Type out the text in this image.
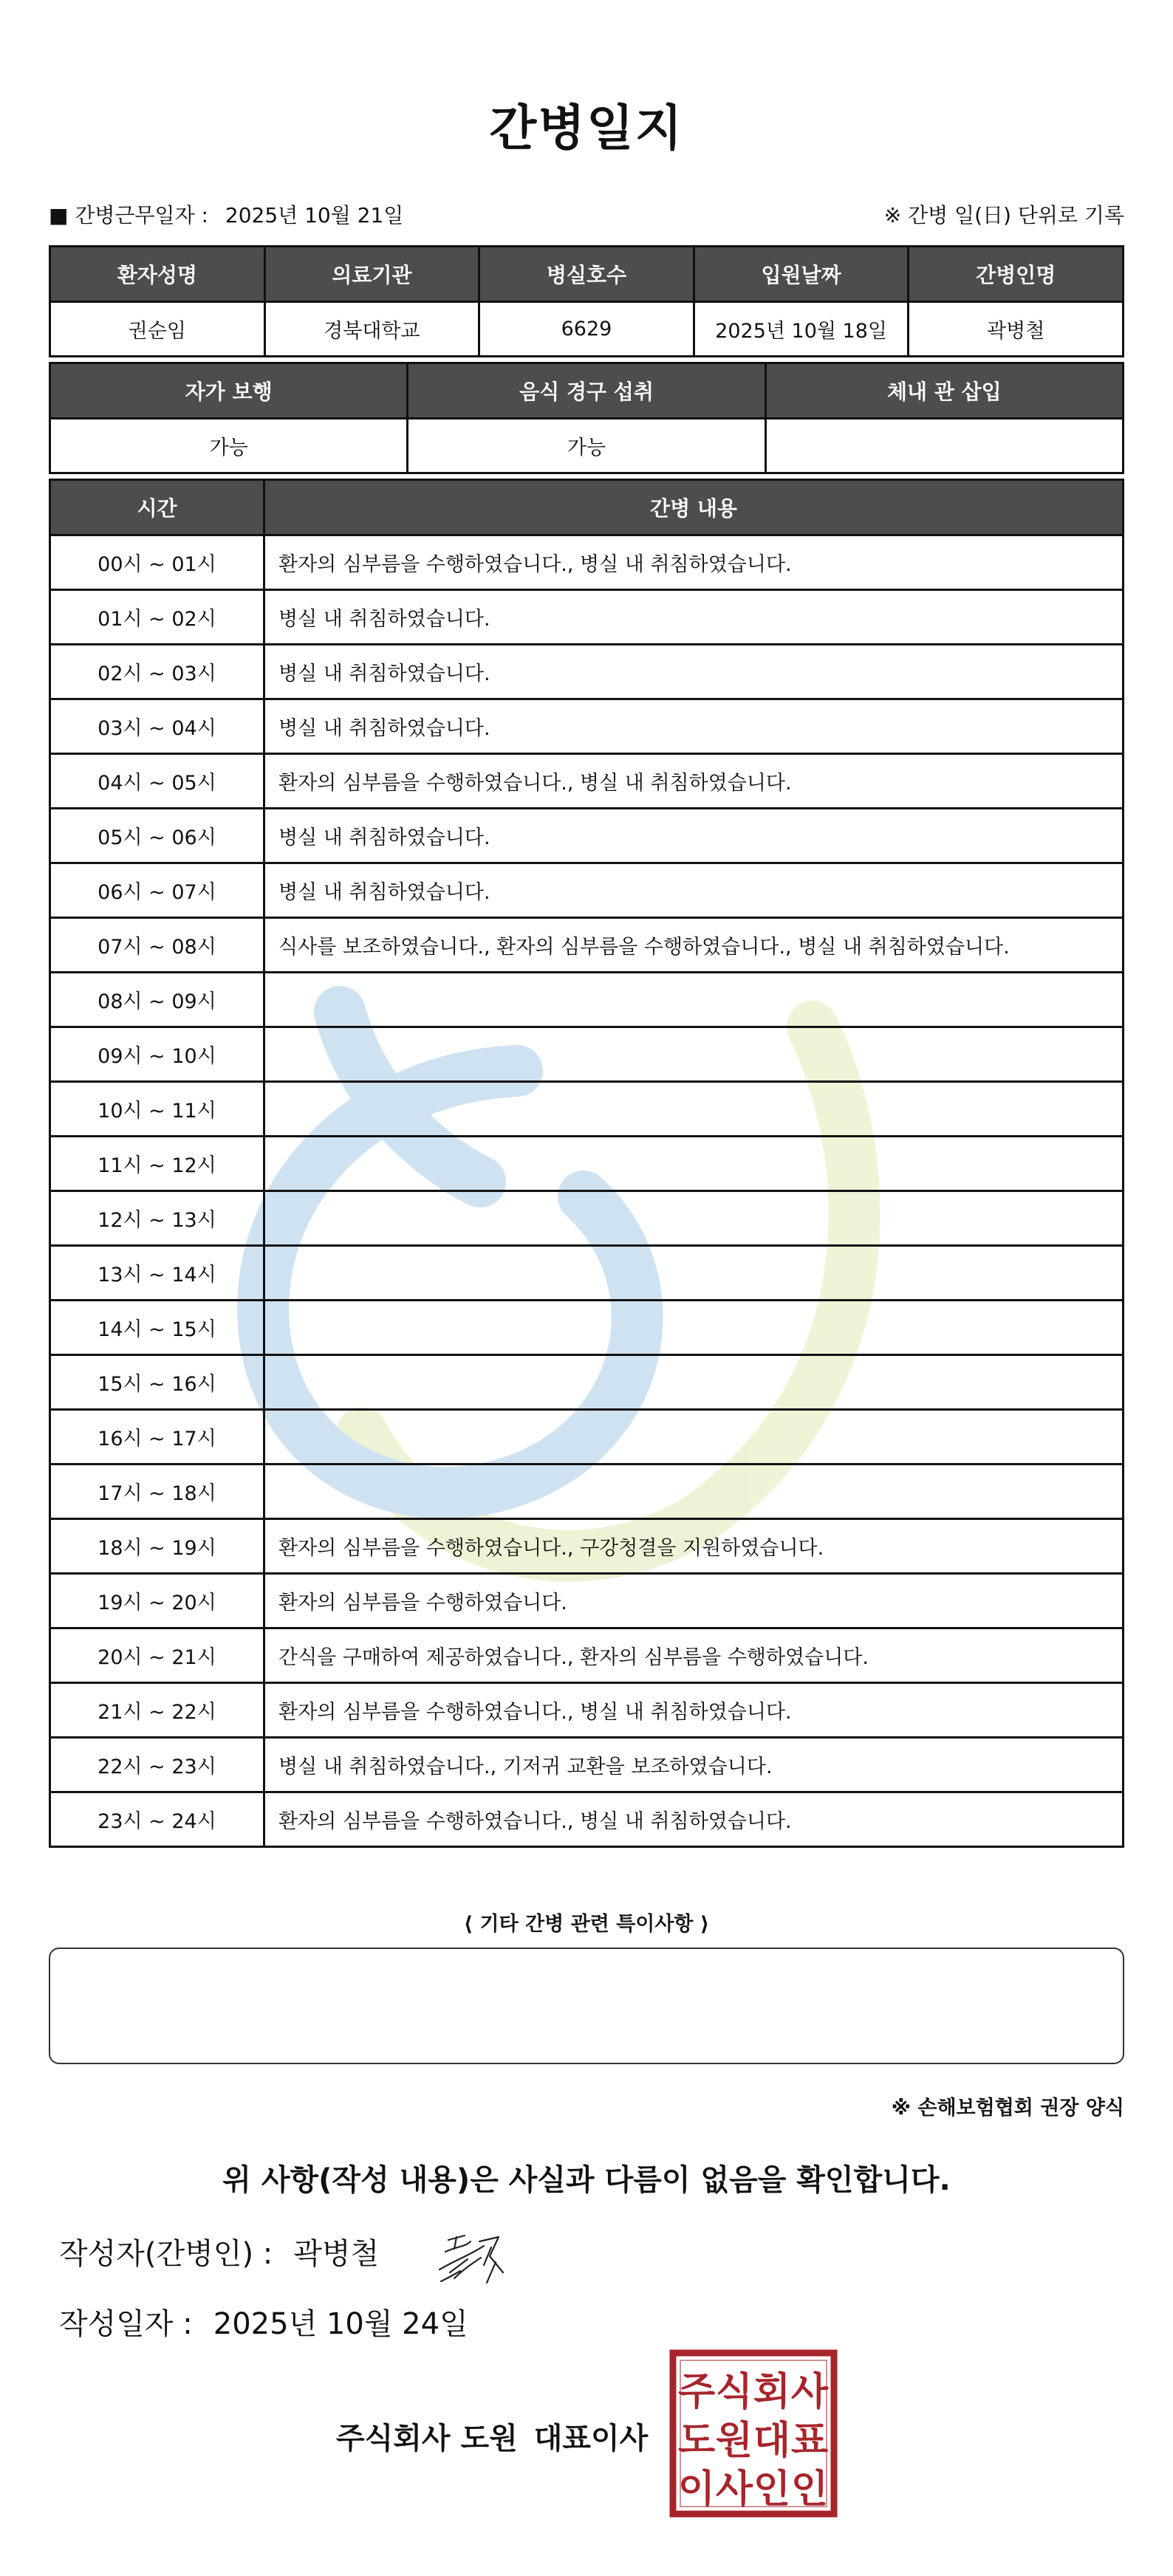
간병일지
■ 간병근무일자 : 2025년 10월 21일	※ 간병 일(日) 단위로 기록
환자성명	의료기관	병실호수	입원날짜	간병인명
권순임	경북대학교	6629	2025년 10월 18일	곽병철
자가 보행	음식 경구 섭취	체내 관 삽입
가능	가능	
시간	간병 내용
00시 ~ 01시	환자의 심부름을 수행하였습니다., 병실 내 취침하였습니다.
01시 ~ 02시	병실 내 취침하였습니다.
02시 ~ 03시	병실 내 취침하였습니다.
03시 ~ 04시	병실 내 취침하였습니다.
04시 ~ 05시	환자의 심부름을 수행하였습니다., 병실 내 취침하였습니다.
05시 ~ 06시	병실 내 취침하였습니다.
06시 ~ 07시	병실 내 취침하였습니다.
07시 ~ 08시	식사를 보조하였습니다., 환자의 심부름을 수행하였습니다., 병실 내 취침하였습니다.
08시 ~ 09시	
09시 ~ 10시	
10시 ~ 11시	
11시 ~ 12시	
12시 ~ 13시	
13시 ~ 14시	
14시 ~ 15시	
15시 ~ 16시	
16시 ~ 17시	
17시 ~ 18시	
18시 ~ 19시	환자의 심부름을 수행하였습니다., 구강청결을 지원하였습니다.
19시 ~ 20시	환자의 심부름을 수행하였습니다.
20시 ~ 21시	간식을 구매하여 제공하였습니다., 환자의 심부름을 수행하였습니다.
21시 ~ 22시	환자의 심부름을 수행하였습니다., 병실 내 취침하였습니다.
22시 ~ 23시	병실 내 취침하였습니다., 기저귀 교환을 보조하였습니다.
23시 ~ 24시	환자의 심부름을 수행하였습니다., 병실 내 취침하였습니다.
⟨ 기타 간병 관련 특이사항 ⟩
※ 손해보험협회 권장 양식
위 사항(작성 내용)은 사실과 다름이 없음을 확인합니다.
작성자(간병인) : 곽병철
작성일자 : 2025년 10월 24일
주식회사 도원 대표이사
주 식 회 사
도 원 대 표
이 사 인 인
